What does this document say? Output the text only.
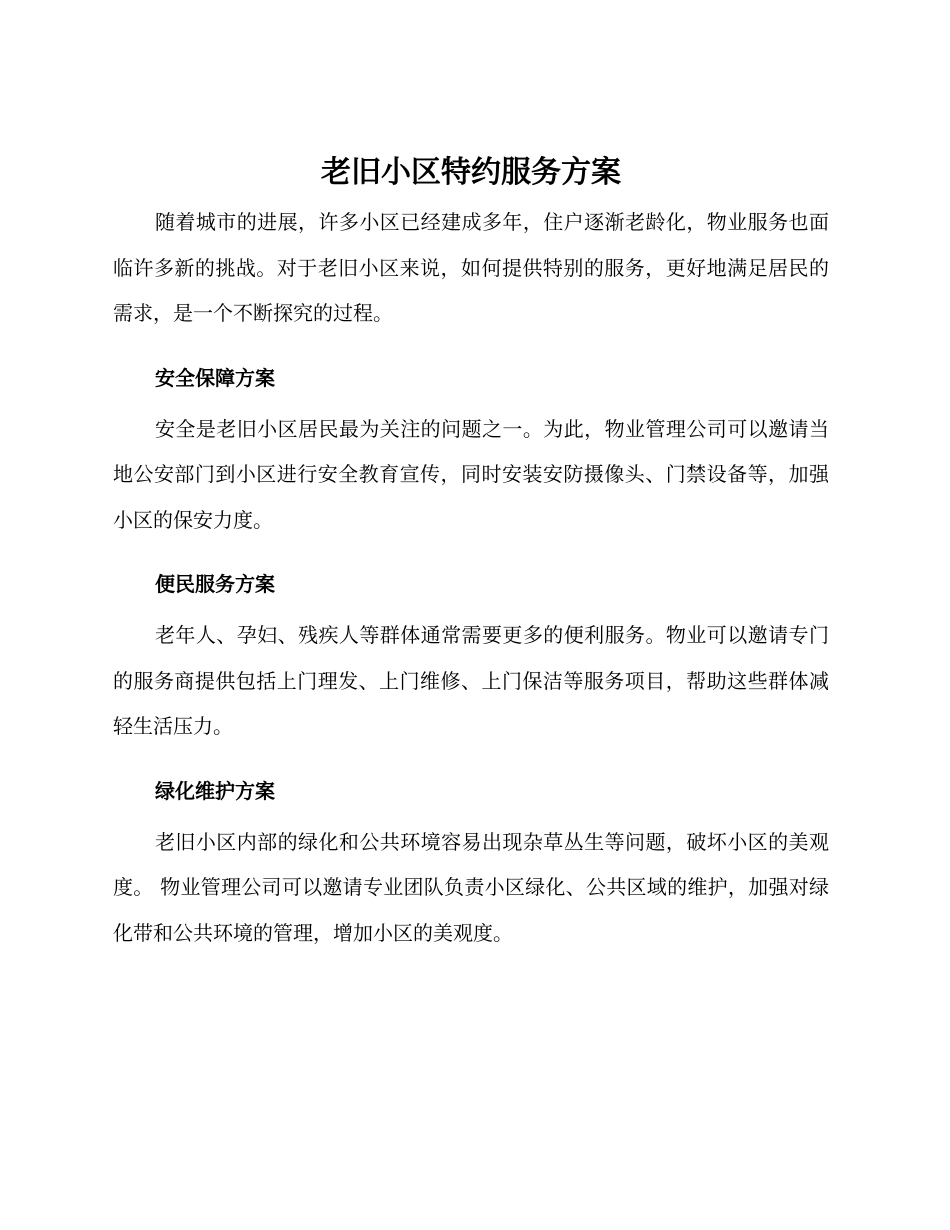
老旧小区特约服务方案

随着城市的进展，许多小区已经建成多年，住户逐渐老龄化，物业服务也面临许多新的挑战。对于老旧小区来说，如何提供特别的服务，更好地满足居民的需求，是一个不断探究的过程。

安全保障方案

安全是老旧小区居民最为关注的问题之一。为此，物业管理公司可以邀请当地公安部门到小区进行安全教育宣传，同时安装安防摄像头、门禁设备等，加强小区的保安力度。

便民服务方案

老年人、孕妇、残疾人等群体通常需要更多的便利服务。物业可以邀请专门的服务商提供包括上门理发、上门维修、上门保洁等服务项目，帮助这些群体减轻生活压力。

绿化维护方案

老旧小区内部的绿化和公共环境容易出现杂草丛生等问题，破坏小区的美观度。 物业管理公司可以邀请专业团队负责小区绿化、公共区域的维护，加强对绿化带和公共环境的管理，增加小区的美观度。
